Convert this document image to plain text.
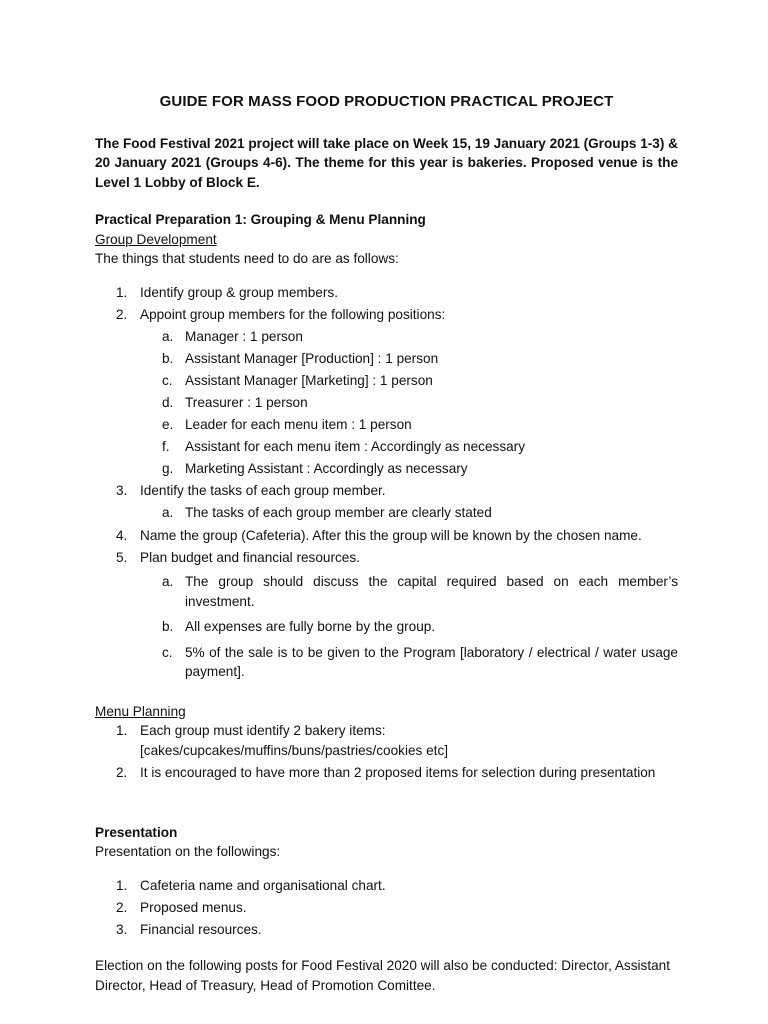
GUIDE FOR MASS FOOD PRODUCTION PRACTICAL PROJECT

The Food Festival 2021 project will take place on Week 15, 19 January 2021 (Groups 1-3) & 20 January 2021 (Groups 4-6). The theme for this year is bakeries. Proposed venue is the Level 1 Lobby of Block E.

Practical Preparation 1: Grouping & Menu Planning

Group Development

The things that students need to do are as follows:

1. Identify group & group members.
2. Appoint group members for the following positions:
a. Manager : 1 person
b. Assistant Manager [Production] : 1 person
c. Assistant Manager [Marketing] : 1 person
d. Treasurer : 1 person
e. Leader for each menu item : 1 person
f. Assistant for each menu item : Accordingly as necessary
g. Marketing Assistant : Accordingly as necessary
3. Identify the tasks of each group member.
a. The tasks of each group member are clearly stated
4. Name the group (Cafeteria). After this the group will be known by the chosen name.
5. Plan budget and financial resources.
a. The group should discuss the capital required based on each member’s investment.
b. All expenses are fully borne by the group.
c. 5% of the sale is to be given to the Program [laboratory / electrical / water usage payment].

Menu Planning

1. Each group must identify 2 bakery items:
[cakes/cupcakes/muffins/buns/pastries/cookies etc]
2. It is encouraged to have more than 2 proposed items for selection during presentation

Presentation

Presentation on the followings:

1. Cafeteria name and organisational chart.
2. Proposed menus.
3. Financial resources.

Election on the following posts for Food Festival 2020 will also be conducted: Director, Assistant Director, Head of Treasury, Head of Promotion Comittee.
